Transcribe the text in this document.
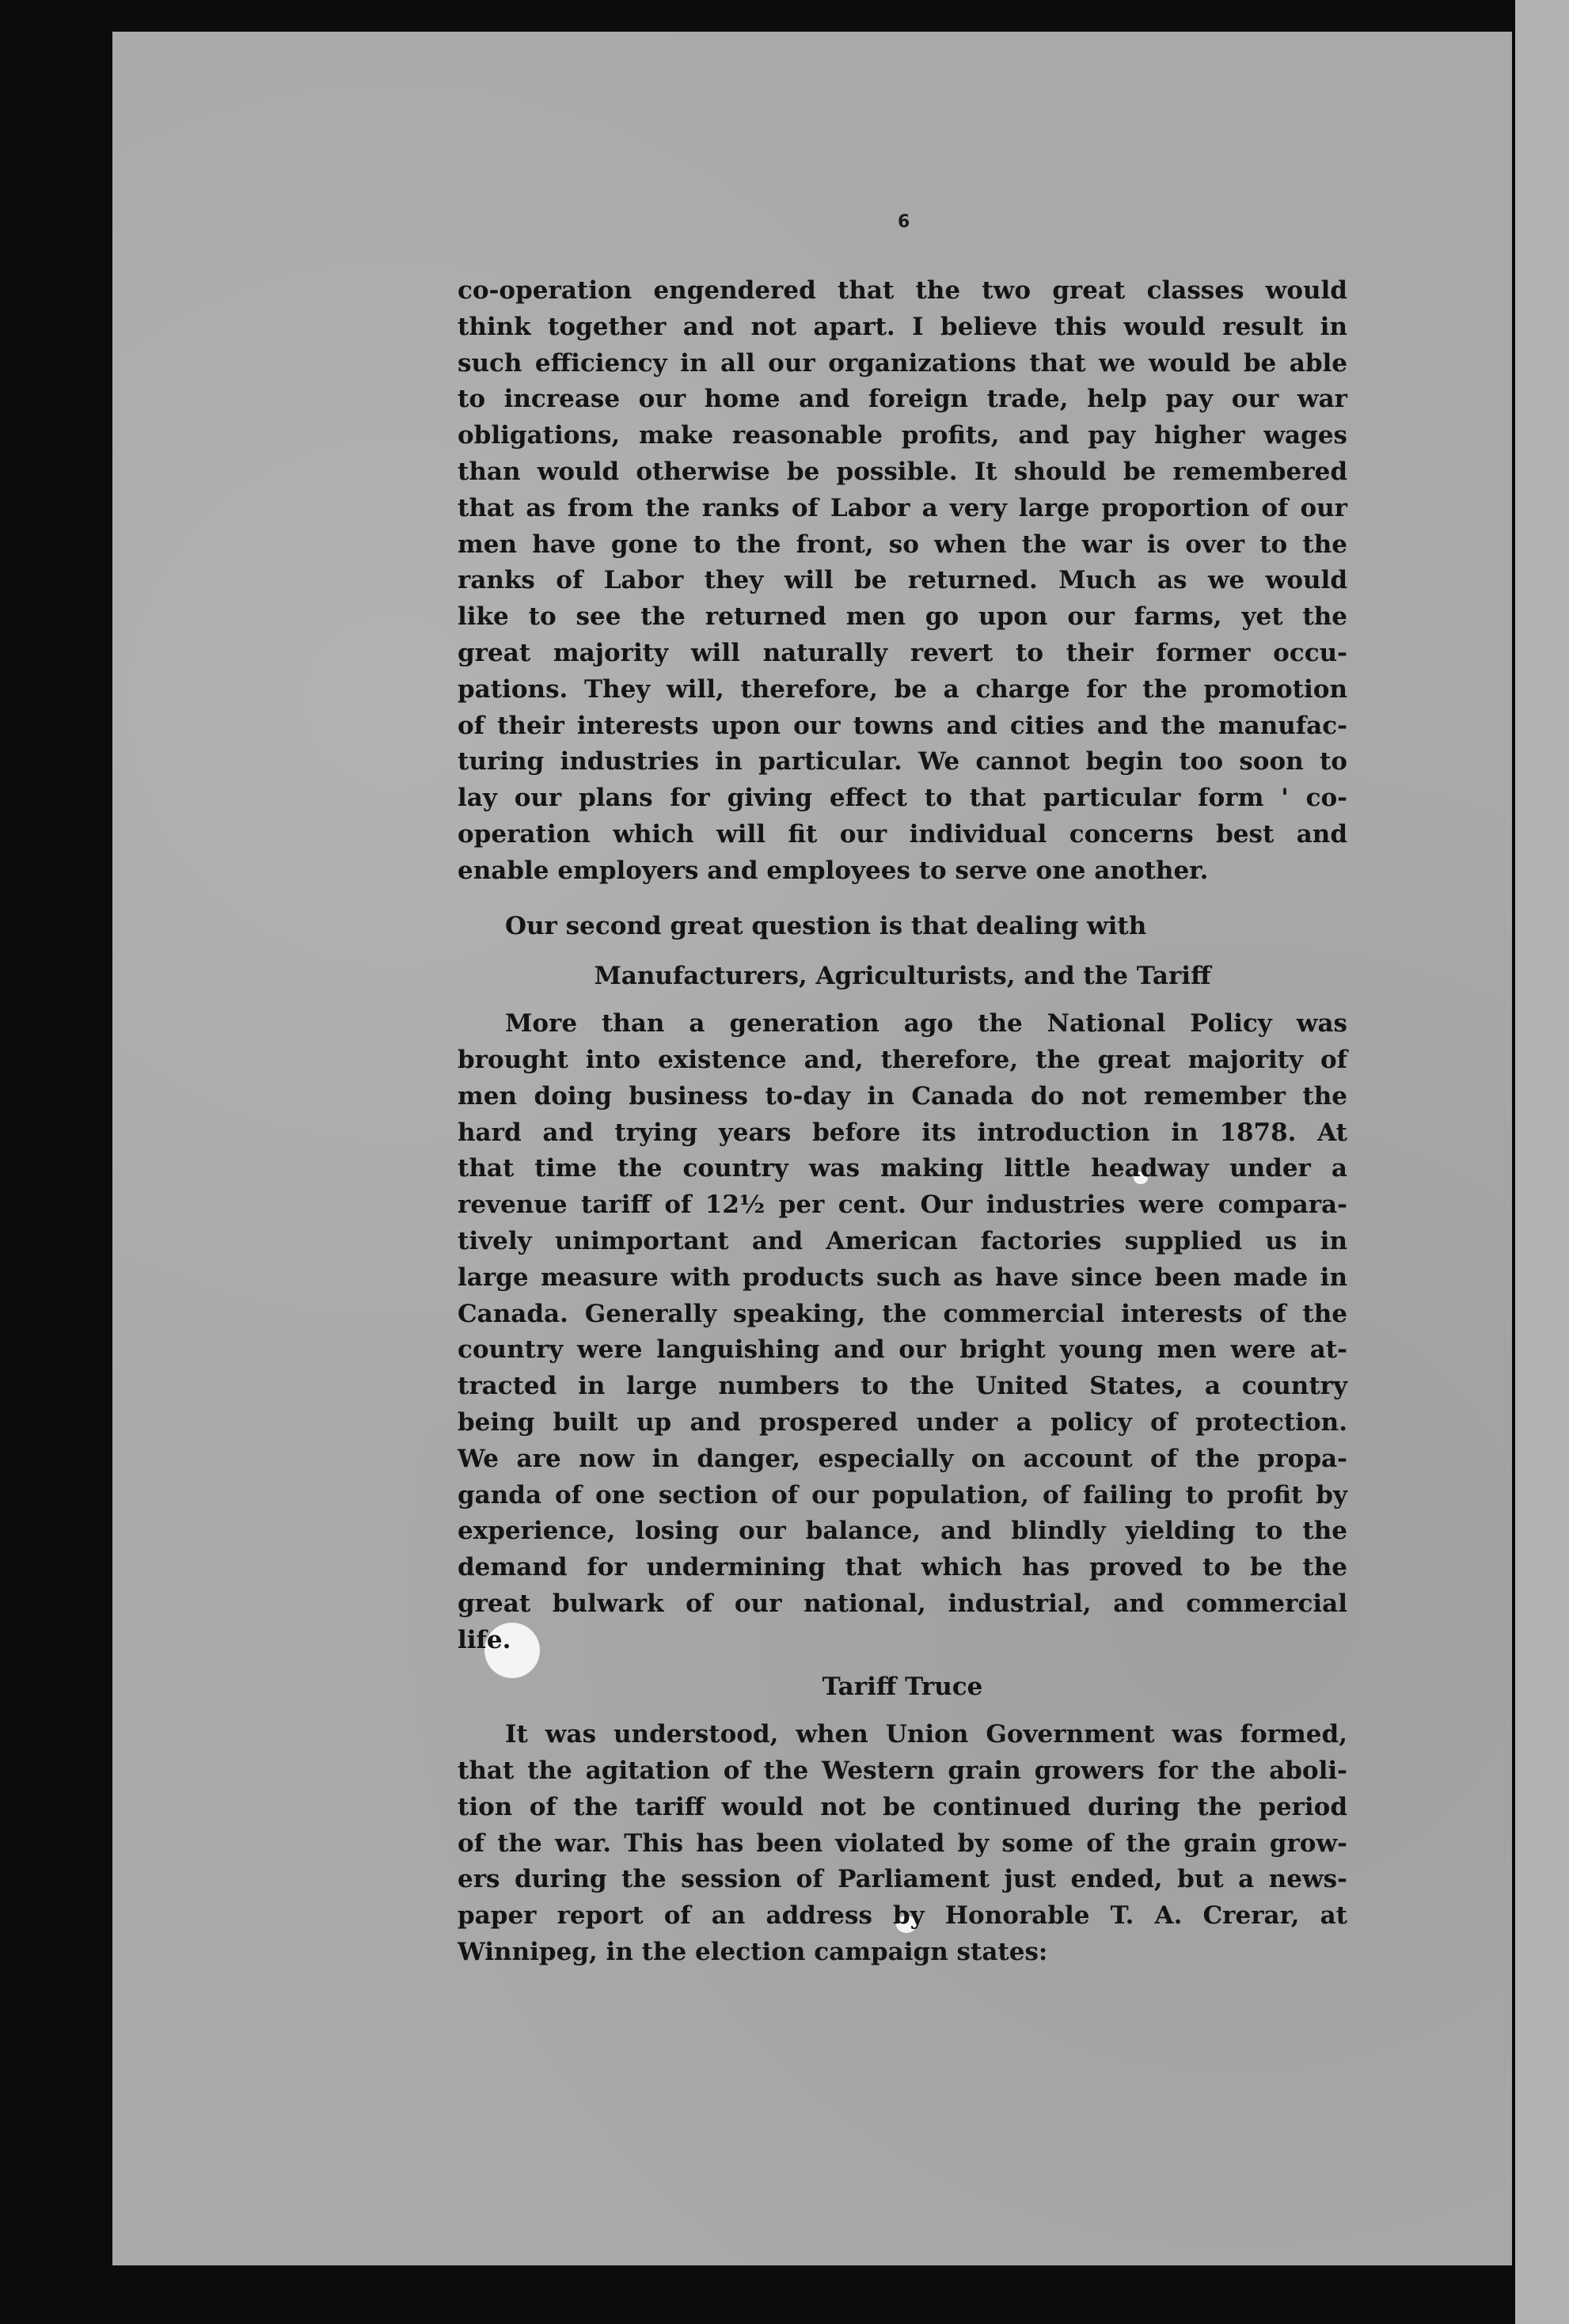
6
co-operation engendered that the two great classes would
think together and not apart. I believe this would result in
such efficiency in all our organizations that we would be able
to increase our home and foreign trade, help pay our war
obligations, make reasonable profits, and pay higher wages
than would otherwise be possible. It should be remembered
that as from the ranks of Labor a very large proportion of our
men have gone to the front, so when the war is over to the
ranks of Labor they will be returned. Much as we would
like to see the returned men go upon our farms, yet the
great majority will naturally revert to their former occu-
pations. They will, therefore, be a charge for the promotion
of their interests upon our towns and cities and the manufac-
turing industries in particular. We cannot begin too soon to
lay our plans for giving effect to that particular form ' co-
operation which will fit our individual concerns best and
enable employers and employees to serve one another.
Our second great question is that dealing with
Manufacturers, Agriculturists, and the Tariff
More than a generation ago the National Policy was
brought into existence and, therefore, the great majority of
men doing business to-day in Canada do not remember the
hard and trying years before its introduction in 1878. At
that time the country was making little headway under a
revenue tariff of 12½ per cent. Our industries were compara-
tively unimportant and American factories supplied us in
large measure with products such as have since been made in
Canada. Generally speaking, the commercial interests of the
country were languishing and our bright young men were at-
tracted in large numbers to the United States, a country
being built up and prospered under a policy of protection.
We are now in danger, especially on account of the propa-
ganda of one section of our population, of failing to profit by
experience, losing our balance, and blindly yielding to the
demand for undermining that which has proved to be the
great bulwark of our national, industrial, and commercial
life.
Tariff Truce
It was understood, when Union Government was formed,
that the agitation of the Western grain growers for the aboli-
tion of the tariff would not be continued during the period
of the war. This has been violated by some of the grain grow-
ers during the session of Parliament just ended, but a news-
paper report of an address by Honorable T. A. Crerar, at
Winnipeg, in the election campaign states:
